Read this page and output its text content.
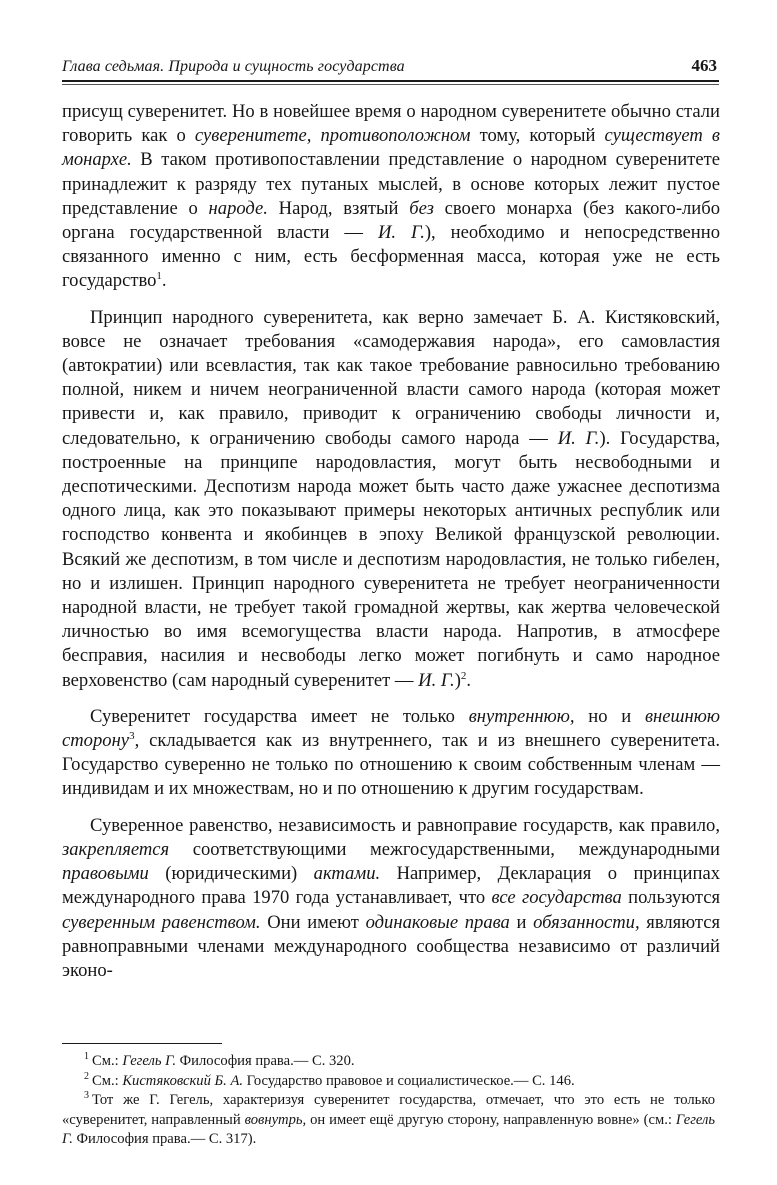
Глава седьмая. Природа и сущность государства	463

присущ суверенитет. Но в новейшее время о народном суверенитете обычно стали говорить как о суверенитете, противоположном тому, который существует в монархе. В таком противопоставлении представление о народном суверенитете принадлежит к разряду тех путаных мыслей, в основе которых лежит пустое представление о народе. Народ, взятый без своего монарха (без какого-либо органа государственной власти — И. Г.), необходимо и непосредственно связанного именно с ним, есть бесформенная масса, которая уже не есть государство$^1$.

Принцип народного суверенитета, как верно замечает Б. А. Кистяковский, вовсе не означает требования «самодержавия народа», его самовластия (автократии) или всевластия, так как такое требование равносильно требованию полной, никем и ничем неограниченной власти самого народа (которая может привести и, как правило, приводит к ограничению свободы личности и, следовательно, к ограничению свободы самого народа — И. Г.). Государства, построенные на принципе народовластия, могут быть несвободными и деспотическими. Деспотизм народа может быть часто даже ужаснее деспотизма одного лица, как это показывают примеры некоторых античных республик или господство конвента и якобинцев в эпоху Великой французской революции. Всякий же деспотизм, в том числе и деспотизм народовластия, не только гибелен, но и излишен. Принцип народного суверенитета не требует неограниченности народной власти, не требует такой громадной жертвы, как жертва человеческой личностью во имя всемогущества власти народа. Напротив, в атмосфере бесправия, насилия и несвободы легко может погибнуть и само народное верховенство (сам народный суверенитет — И. Г.)$^2$.

Суверенитет государства имеет не только внутреннюю, но и внешнюю сторону$^3$, складывается как из внутреннего, так и из внешнего суверенитета. Государство суверенно не только по отношению к своим собственным членам — индивидам и их множествам, но и по отношению к другим государствам.

Суверенное равенство, независимость и равноправие государств, как правило, закрепляется соответствующими межгосударственными, международными правовыми (юридическими) актами. Например, Декларация о принципах международного права 1970 года устанавливает, что все государства пользуются суверенным равенством. Они имеют одинаковые права и обязанности, являются равноправными членами международного сообщества независимо от различий эконо-

$^1$ См.: Гегель Г. Философия права.— С. 320.

$^2$ См.: Кистяковский Б. А. Государство правовое и социалистическое.— С. 146.

$^3$ Тот же Г. Гегель, характеризуя суверенитет государства, отмечает, что это есть не только «суверенитет, направленный вовнутрь, он имеет ещё другую сторону, направленную вовне» (см.: Гегель Г. Философия права.— С. 317).
